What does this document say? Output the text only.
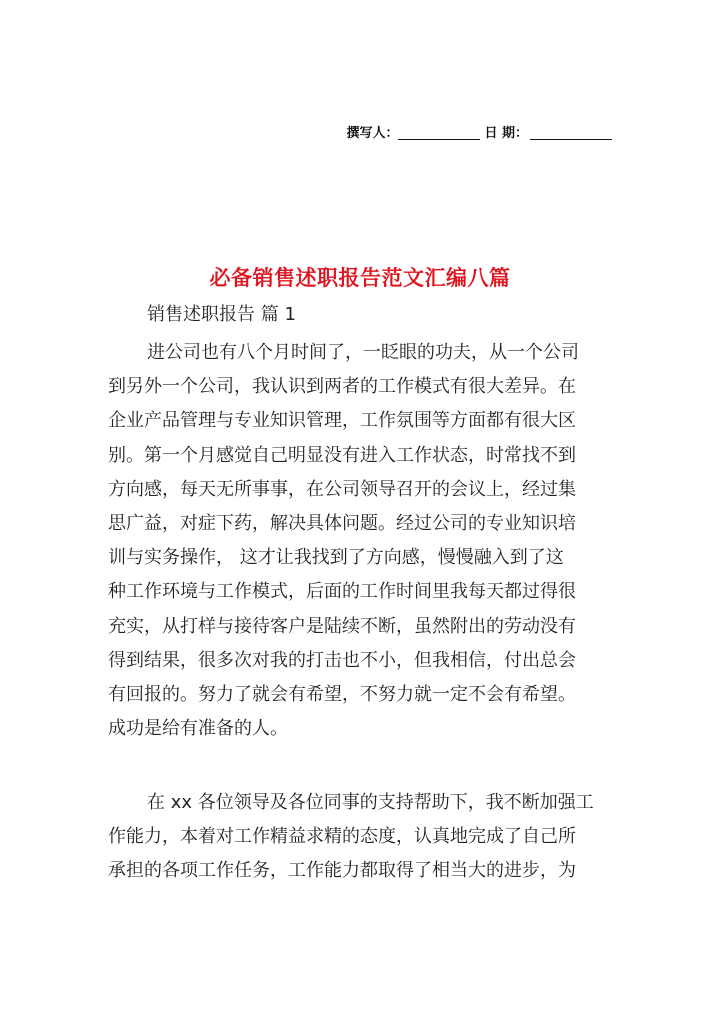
撰写人：	日 期：
必备销售述职报告范文汇编八篇
销售述职报告 篇 1
进公司也有八个月时间了，一眨眼的功夫，从一个公司
到另外一个公司，我认识到两者的工作模式有很大差异。在
企业产品管理与专业知识管理，工作氛围等方面都有很大区
别。第一个月感觉自己明显没有进入工作状态，时常找不到
方向感，每天无所事事，在公司领导召开的会议上，经过集
思广益，对症下药，解决具体问题。经过公司的专业知识培
训与实务操作， 这才让我找到了方向感，慢慢融入到了这
种工作环境与工作模式，后面的工作时间里我每天都过得很
充实，从打样与接待客户是陆续不断，虽然附出的劳动没有
得到结果，很多次对我的打击也不小，但我相信，付出总会
有回报的。努力了就会有希望，不努力就一定不会有希望。
成功是给有准备的人。
在 xx 各位领导及各位同事的支持帮助下，我不断加强工
作能力，本着对工作精益求精的态度，认真地完成了自己所
承担的各项工作任务，工作能力都取得了相当大的进步，为
